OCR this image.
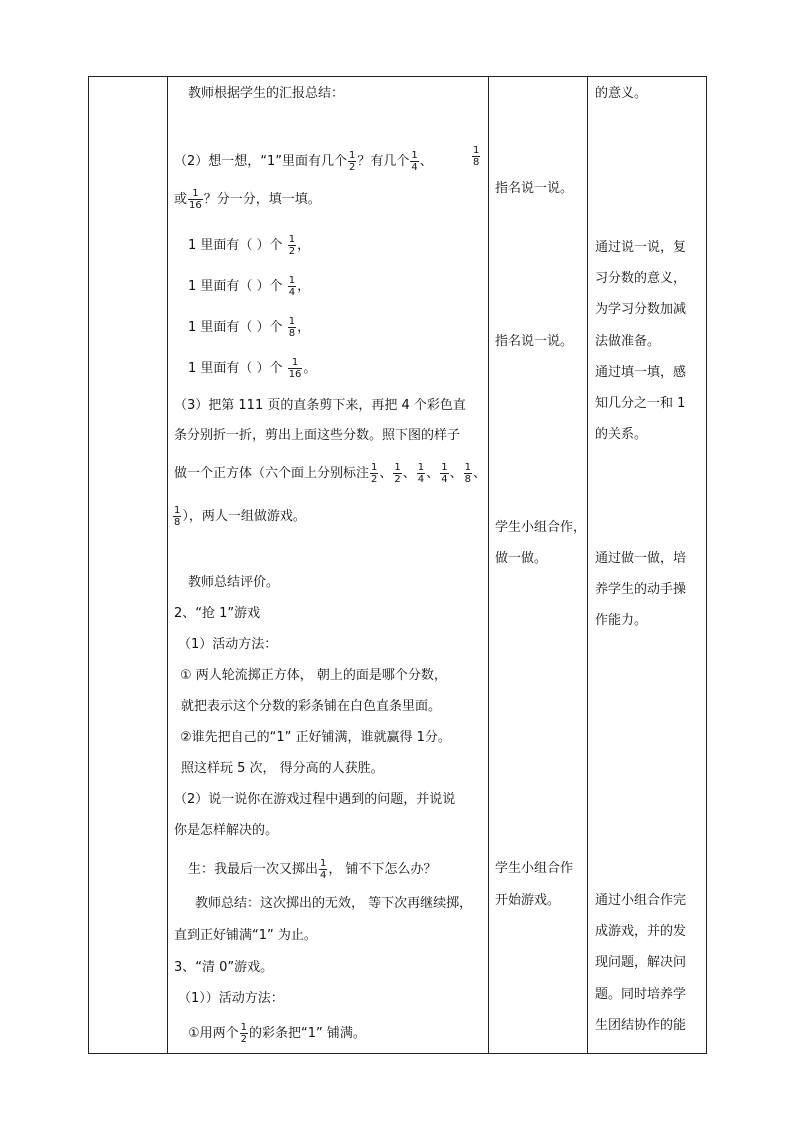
教师根据学生的汇报总结：
（2）想一想，“1”里面有几个 $\frac{1}{2}$ ？有几个 $\frac{1}{4}$ 、	$\frac{1}{8}$
或 $\frac{1}{16}$ ？分一分，填一填。
1 里面有（ ）个 $\frac{1}{2}$ ，
1 里面有（ ）个 $\frac{1}{4}$ ，
1 里面有（ ）个 $\frac{1}{8}$ ，
1 里面有（ ）个 $\frac{1}{16}$ 。
（3）把第 111 页的直条剪下来，再把 4 个彩色直
条分别折一折，剪出上面这些分数。照下图的样子
做一个正方体（六个面上分别标注 $\frac{1}{2}$ 、 $\frac{1}{2}$ 、 $\frac{1}{4}$ 、 $\frac{1}{4}$ 、 $\frac{1}{8}$ 、
$\frac{1}{8}$ ），两人一组做游戏。
教师总结评价。
2、“抢 1”游戏
（1）活动方法：
① 两人轮流掷正方体， 朝上的面是哪个分数，
就把表示这个分数的彩条铺在白色直条里面。
②谁先把自己的“1” 正好铺满，谁就赢得 1分。
照这样玩 5 次， 得分高的人获胜。
（2）说一说你在游戏过程中遇到的问题，并说说
你是怎样解决的。
生：我最后一次又掷出 $\frac{1}{4}$ ， 铺不下怎么办？
教师总结：这次掷出的无效， 等下次再继续掷，
直到正好铺满“1” 为止。
3、“清 0”游戏。
（1））活动方法：
①用两个 $\frac{1}{2}$ 的彩条把“1” 铺满。
指名说一说。
指名说一说。
学生小组合作，
做一做。
学生小组合作
开始游戏。
的意义。
通过说一说，复
习分数的意义，
为学习分数加减
法做准备。
通过填一填，感
知几分之一和 1
的关系。
通过做一做，培
养学生的动手操
作能力。
通过小组合作完
成游戏，并的发
现问题，解决问
题。同时培养学
生团结协作的能
